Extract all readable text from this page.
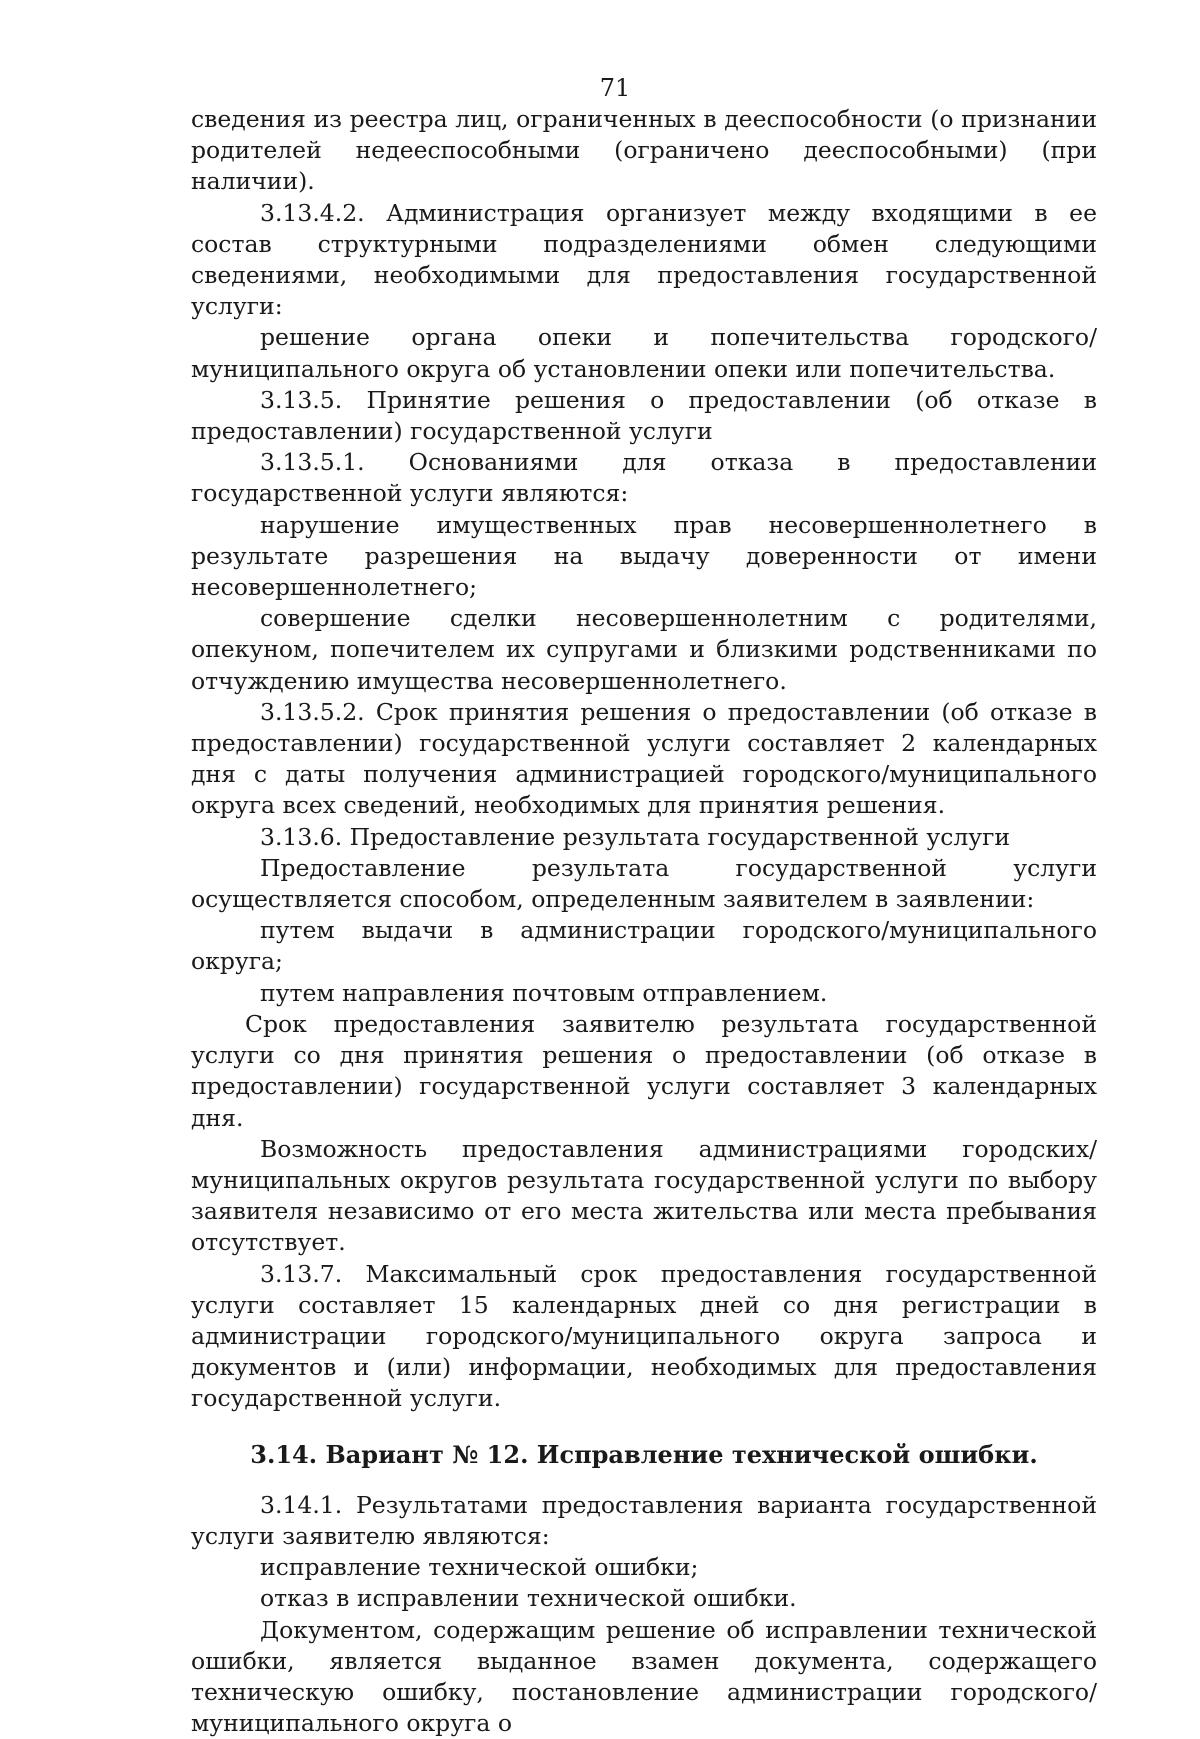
71

сведения из реестра лиц, ограниченных в дееспособности (о признании родителей недееспособными (ограничено дееспособными) (при наличии).

3.13.4.2. Администрация организует между входящими в ее состав структурными подразделениями обмен следующими сведениями, необходимыми для предоставления государственной услуги:

решение органа опеки и попечительства городского/муниципального округа об установлении опеки или попечительства.

3.13.5. Принятие решения о предоставлении (об отказе в предоставлении) государственной услуги

3.13.5.1. Основаниями для отказа в предоставлении государственной услуги являются:

нарушение имущественных прав несовершеннолетнего в результате разрешения на выдачу доверенности от имени несовершеннолетнего;

совершение сделки несовершеннолетним с родителями, опекуном, попечителем их супругами и близкими родственниками по отчуждению имущества несовершеннолетнего.

3.13.5.2. Срок принятия решения о предоставлении (об отказе в предоставлении) государственной услуги составляет 2 календарных дня с даты получения администрацией городского/муниципального округа всех сведений, необходимых для принятия решения.

3.13.6. Предоставление результата государственной услуги

Предоставление результата государственной услуги осуществляется способом, определенным заявителем в заявлении:

путем выдачи в администрации городского/муниципального округа;

путем направления почтовым отправлением.

Срок предоставления заявителю результата государственной услуги со дня принятия решения о предоставлении (об отказе в предоставлении) государственной услуги составляет 3 календарных дня.

Возможность предоставления администрациями городских/муниципальных округов результата государственной услуги по выбору заявителя независимо от его места жительства или места пребывания отсутствует.

3.13.7. Максимальный срок предоставления государственной услуги составляет 15 календарных дней со дня регистрации в администрации городского/муниципального округа запроса и документов и (или) информации, необходимых для предоставления государственной услуги.

3.14. Вариант № 12. Исправление технической ошибки.

3.14.1. Результатами предоставления варианта государственной услуги заявителю являются:

исправление технической ошибки;

отказ в исправлении технической ошибки.

Документом, содержащим решение об исправлении технической ошибки, является выданное взамен документа, содержащего техническую ошибку, постановление администрации городского/муниципального округа о
